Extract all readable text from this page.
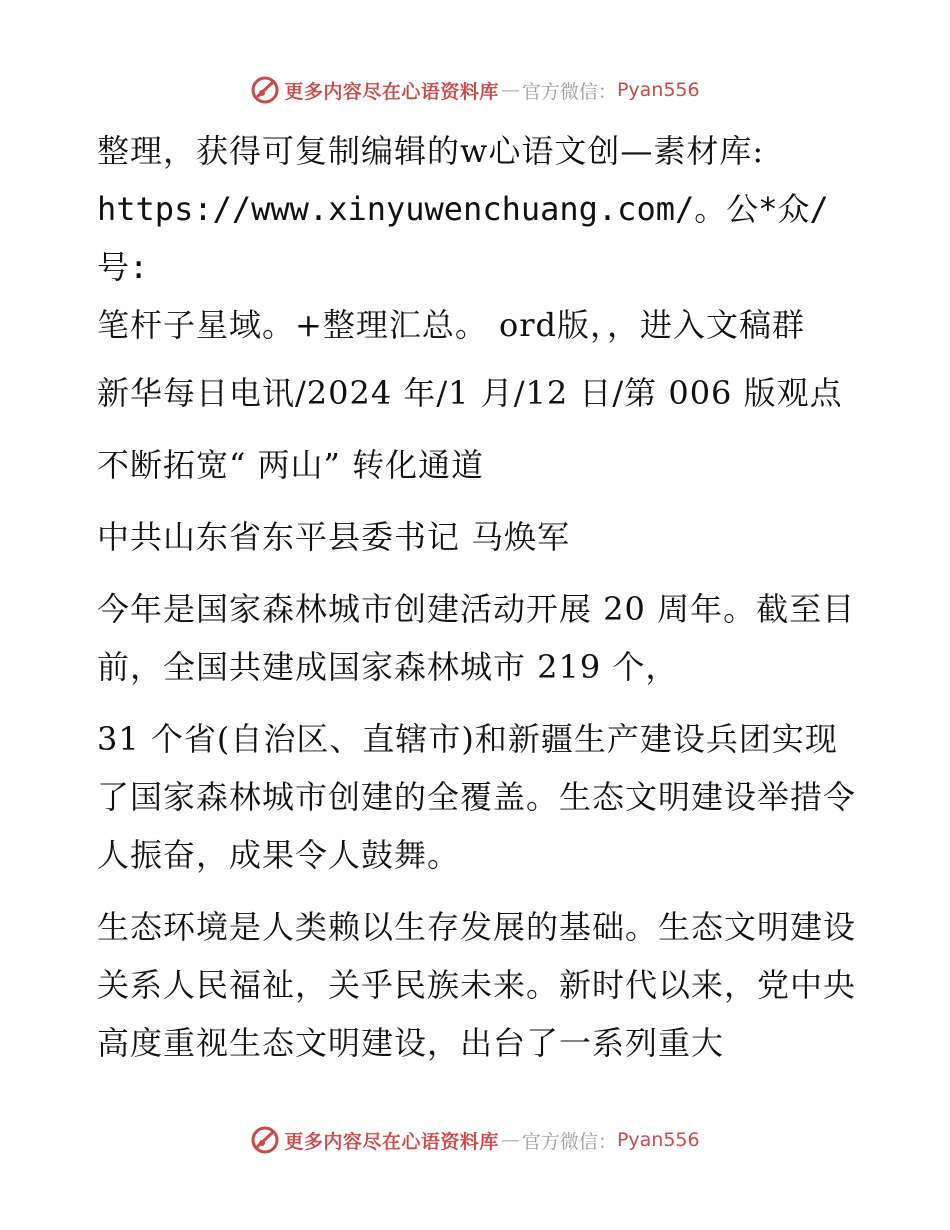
更多内容尽在心语资料库 — 官方微信： Pyan556

整理，获得可复制编辑的w心语文创—素材库:

https://www.xinyuwenchuang.com/。公*众/号:

笔杆子星域。+整理汇总。 ord版，，进入文稿群

新华每日电讯/2024 年/1 月/12 日/第 006 版观点

不断拓宽“ 两山” 转化通道

中共山东省东平县委书记 马焕军

今年是国家森林城市创建活动开展 20 周年。截至目前，全国共建成国家森林城市 219 个，

31 个省(自治区、直辖市)和新疆生产建设兵团实现了国家森林城市创建的全覆盖。生态文明建设举措令人振奋，成果令人鼓舞。

生态环境是人类赖以生存发展的基础。生态文明建设关系人民福祉，关乎民族未来。新时代以来，党中央高度重视生态文明建设，出台了一系列重大

更多内容尽在心语资料库 — 官方微信： Pyan556
